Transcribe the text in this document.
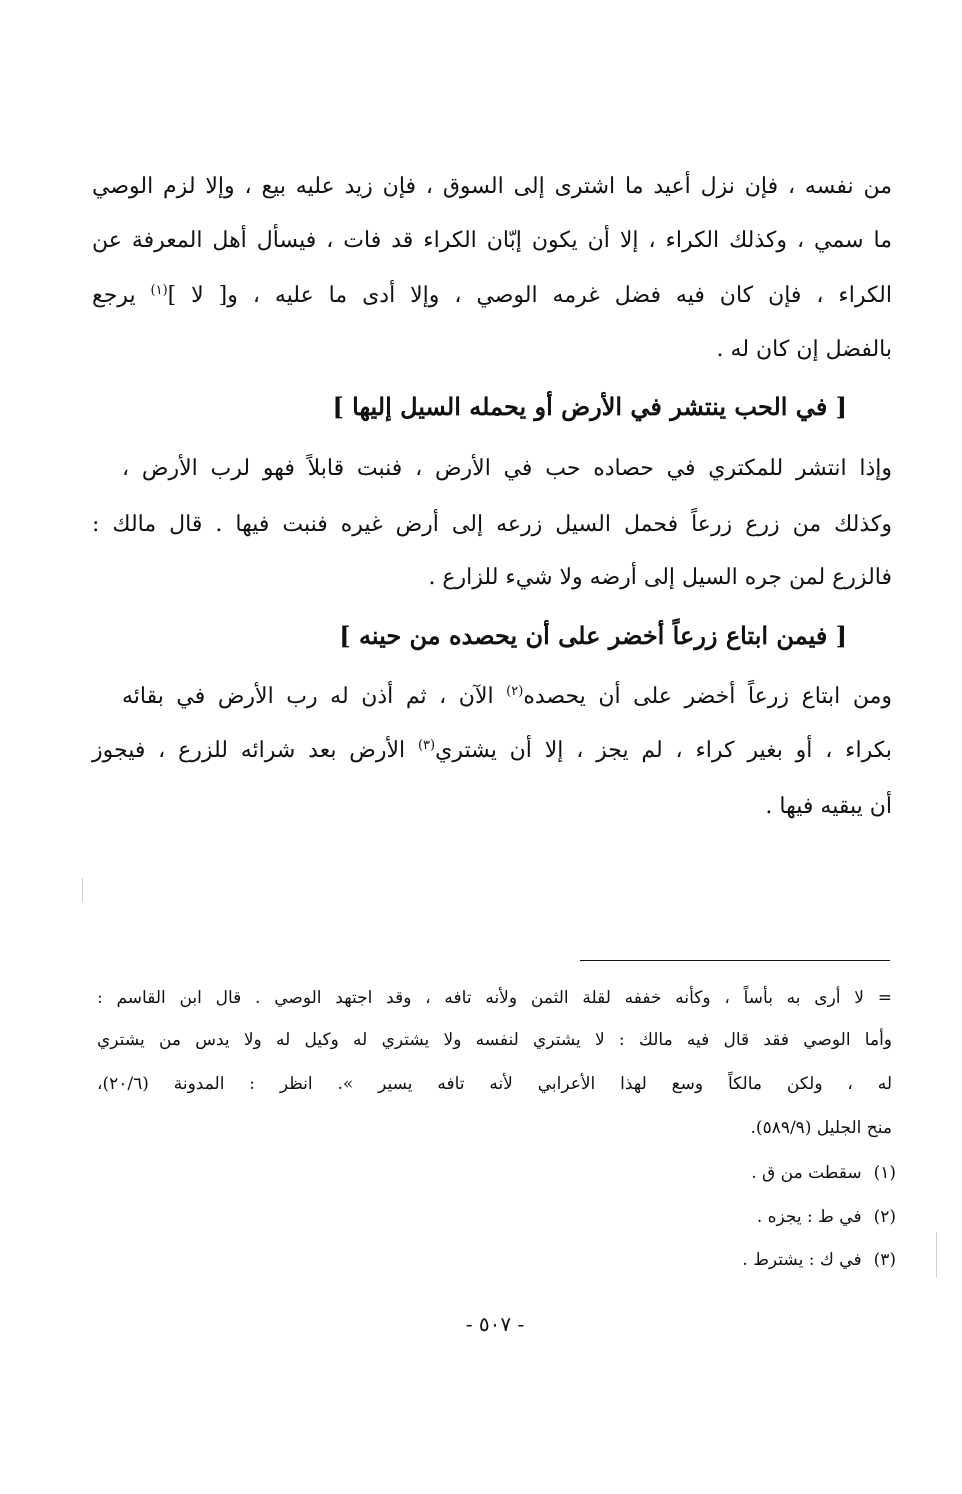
من نفسه ، فإن نزل أعيد ما اشترى إلى السوق ، فإن زيد عليه بيع ، وإلا لزم الوصي
ما سمي ، وكذلك الكراء ، إلا أن يكون إبّان الكراء قد فات ، فيسأل أهل المعرفة عن
الكراء ، فإن كان فيه فضل غرمه الوصي ، وإلا أدى ما عليه ، و[ لا ]$^{(١)}$ يرجع
بالفضل إن كان له .
[ في الحب ينتشر في الأرض أو يحمله السيل إليها ]
وإذا انتشر للمكتري في حصاده حب في الأرض ، فنبت قابلاً فهو لرب الأرض ،
وكذلك من زرع زرعاً فحمل السيل زرعه إلى أرض غيره فنبت فيها . قال مالك :
فالزرع لمن جره السيل إلى أرضه ولا شيء للزارع .
[ فيمن ابتاع زرعاً أخضر على أن يحصده من حينه ]
ومن ابتاع زرعاً أخضر على أن يحصده$^{(٢)}$ الآن ، ثم أذن له رب الأرض في بقائه
بكراء ، أو بغير كراء ، لم يجز ، إلا أن يشتري$^{(٣)}$ الأرض بعد شرائه للزرع ، فيجوز
أن يبقيه فيها .
= لا أرى به بأساً ، وكأنه خففه لقلة الثمن ولأنه تافه ، وقد اجتهد الوصي . قال ابن القاسم :
وأما الوصي فقد قال فيه مالك : لا يشتري لنفسه ولا يشتري له وكيل له ولا يدس من يشتري
له ، ولكن مالكاً وسع لهذا الأعرابي لأنه تافه يسير ». انظر : المدونة (٢٠/٦)،
منح الجليل (٥٨٩/٩).
(١)سقطت من ق .
(٢)في ط : يجزه .
(٣)في ك : يشترط .
- ٥٠٧ -
